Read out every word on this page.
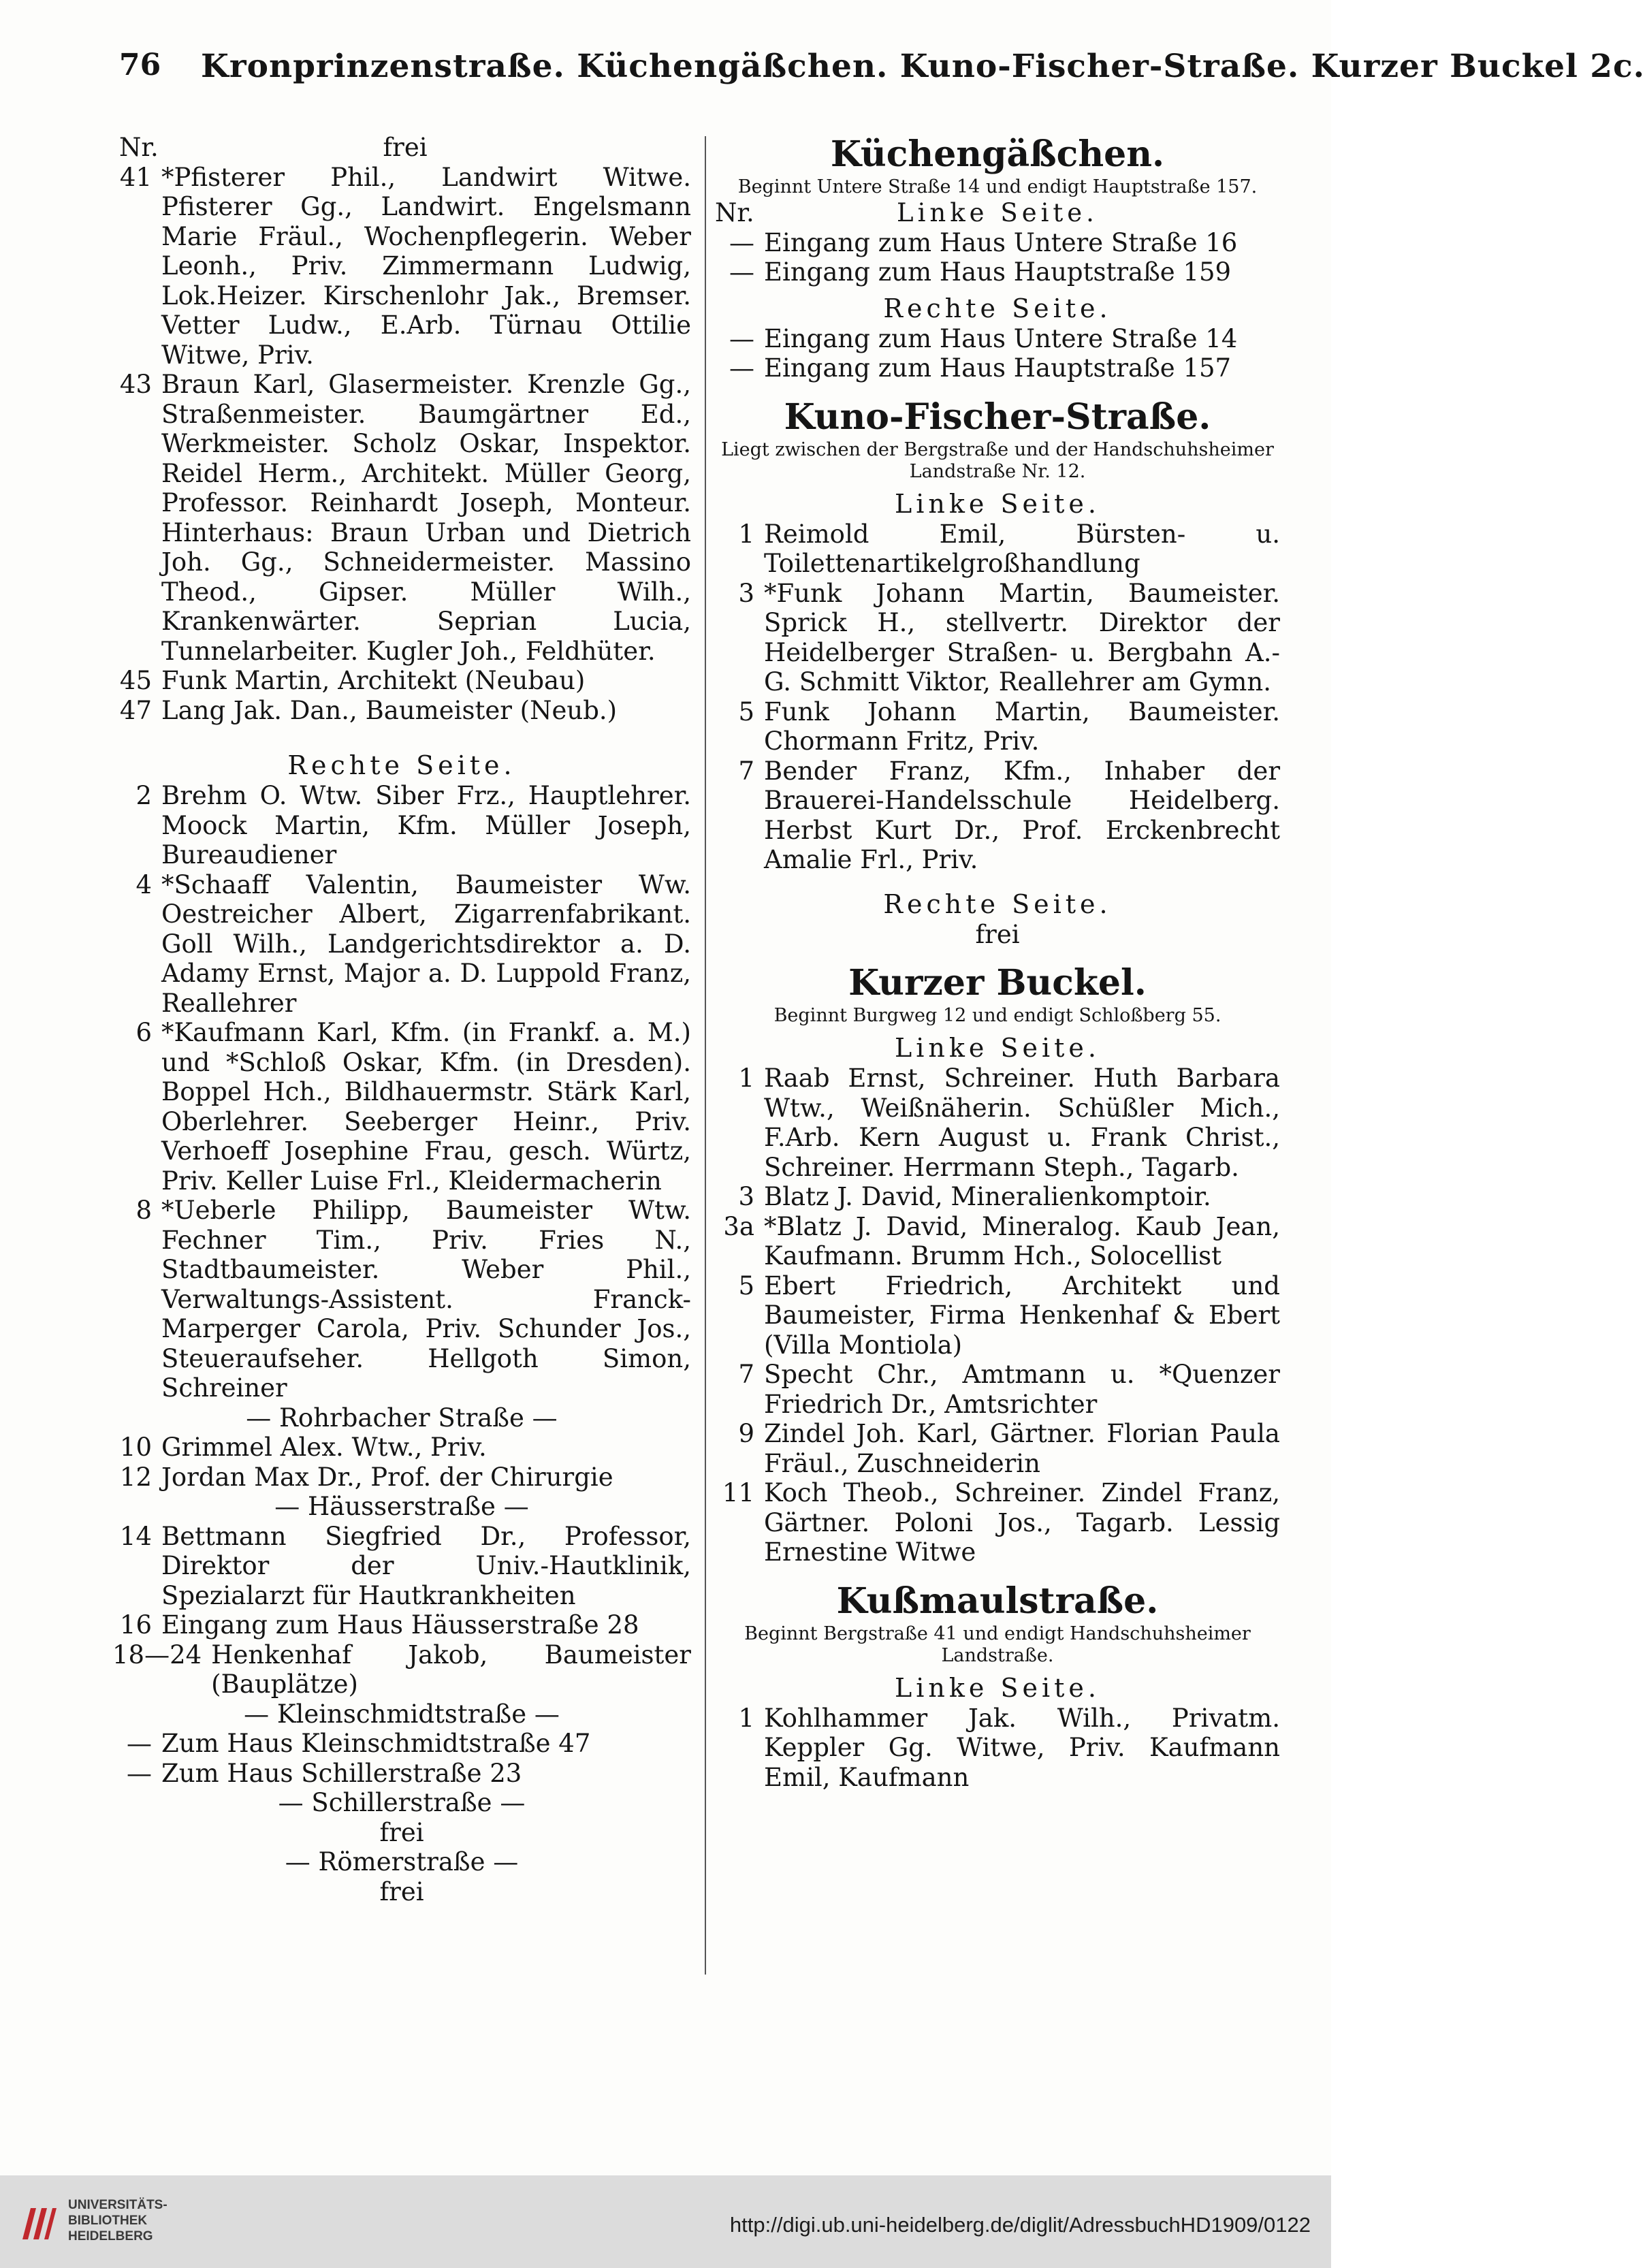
76 Kronprinzenstraße. Küchengäßchen. Kuno-Fischer-Straße. Kurzer Buckel 2c.
Nr.	frei
41 *Pfisterer Phil., Landwirt Witwe. Pfisterer Gg., Landwirt. Engelsmann Marie Fräul., Wochenpflegerin. Weber Leonh., Priv. Zimmermann Ludwig, Lok.Heizer. Kirschenlohr Jak., Bremser. Vetter Ludw., E.Arb. Türnau Ottilie Witwe, Priv.
43 Braun Karl, Glasermeister. Krenzle Gg., Straßenmeister. Baumgärtner Ed., Werkmeister. Scholz Oskar, Inspektor. Reidel Herm., Architekt. Müller Georg, Professor. Reinhardt Joseph, Monteur. Hinterhaus: Braun Urban und Dietrich Joh. Gg., Schneidermeister. Massino Theod., Gipser. Müller Wilh., Krankenwärter. Seprian Lucia, Tunnelarbeiter. Kugler Joh., Feldhüter.
45 Funk Martin, Architekt (Neubau)
47 Lang Jak. Dan., Baumeister (Neub.)
Rechte Seite.
2 Brehm O. Wtw. Siber Frz., Hauptlehrer. Moock Martin, Kfm. Müller Joseph, Bureaudiener
4 *Schaaff Valentin, Baumeister Ww. Oestreicher Albert, Zigarrenfabrikant. Goll Wilh., Landgerichtsdirektor a. D. Adamy Ernst, Major a. D. Luppold Franz, Reallehrer
6 *Kaufmann Karl, Kfm. (in Frankf. a. M.) und *Schloß Oskar, Kfm. (in Dresden). Boppel Hch., Bildhauermstr. Stärk Karl, Oberlehrer. Seeberger Heinr., Priv. Verhoeff Josephine Frau, gesch. Würtz, Priv. Keller Luise Frl., Kleidermacherin
8 *Ueberle Philipp, Baumeister Wtw. Fechner Tim., Priv. Fries N., Stadtbaumeister. Weber Phil., Verwaltungs-Assistent. Franck-Marperger Carola, Priv. Schunder Jos., Steueraufseher. Hellgoth Simon, Schreiner
— Rohrbacher Straße —
10 Grimmel Alex. Wtw., Priv.
12 Jordan Max Dr., Prof. der Chirurgie
— Häusserstraße —
14 Bettmann Siegfried Dr., Professor, Direktor der Univ.-Hautklinik, Spezialarzt für Hautkrankheiten
16 Eingang zum Haus Häusserstraße 28
18—24 Henkenhaf Jakob, Baumeister (Bauplätze)
— Kleinschmidtstraße —
— Zum Haus Kleinschmidtstraße 47
— Zum Haus Schillerstraße 23
— Schillerstraße —
frei
— Römerstraße —
frei
Küchengäßchen.
Beginnt Untere Straße 14 und endigt Hauptstraße 157.
Nr.	Linke Seite.
— Eingang zum Haus Untere Straße 16
— Eingang zum Haus Hauptstraße 159
Rechte Seite.
— Eingang zum Haus Untere Straße 14
— Eingang zum Haus Hauptstraße 157
Kuno-Fischer-Straße.
Liegt zwischen der Bergstraße und der Handschuhsheimer Landstraße Nr. 12.
Linke Seite.
1 Reimold Emil, Bürsten- u. Toilettenartikelgroßhandlung
3 *Funk Johann Martin, Baumeister. Sprick H., stellvertr. Direktor der Heidelberger Straßen- u. Bergbahn A.-G. Schmitt Viktor, Reallehrer am Gymn.
5 Funk Johann Martin, Baumeister. Chormann Fritz, Priv.
7 Bender Franz, Kfm., Inhaber der Brauerei-Handelsschule Heidelberg. Herbst Kurt Dr., Prof. Erckenbrecht Amalie Frl., Priv.
Rechte Seite.
frei
Kurzer Buckel.
Beginnt Burgweg 12 und endigt Schloßberg 55.
Linke Seite.
1 Raab Ernst, Schreiner. Huth Barbara Wtw., Weißnäherin. Schüßler Mich., F.Arb. Kern August u. Frank Christ., Schreiner. Herrmann Steph., Tagarb.
3 Blatz J. David, Mineralienkomptoir.
3a *Blatz J. David, Mineralog. Kaub Jean, Kaufmann. Brumm Hch., Solocellist
5 Ebert Friedrich, Architekt und Baumeister, Firma Henkenhaf & Ebert (Villa Montiola)
7 Specht Chr., Amtmann u. *Quenzer Friedrich Dr., Amtsrichter
9 Zindel Joh. Karl, Gärtner. Florian Paula Fräul., Zuschneiderin
11 Koch Theob., Schreiner. Zindel Franz, Gärtner. Poloni Jos., Tagarb. Lessig Ernestine Witwe
Kußmaulstraße.
Beginnt Bergstraße 41 und endigt Handschuhsheimer Landstraße.
Linke Seite.
1 Kohlhammer Jak. Wilh., Privatm. Keppler Gg. Witwe, Priv. Kaufmann Emil, Kaufmann
UNIVERSITÄTS-
BIBLIOTHEK
HEIDELBERG	http://digi.ub.uni-heidelberg.de/diglit/AdressbuchHD1909/0122
